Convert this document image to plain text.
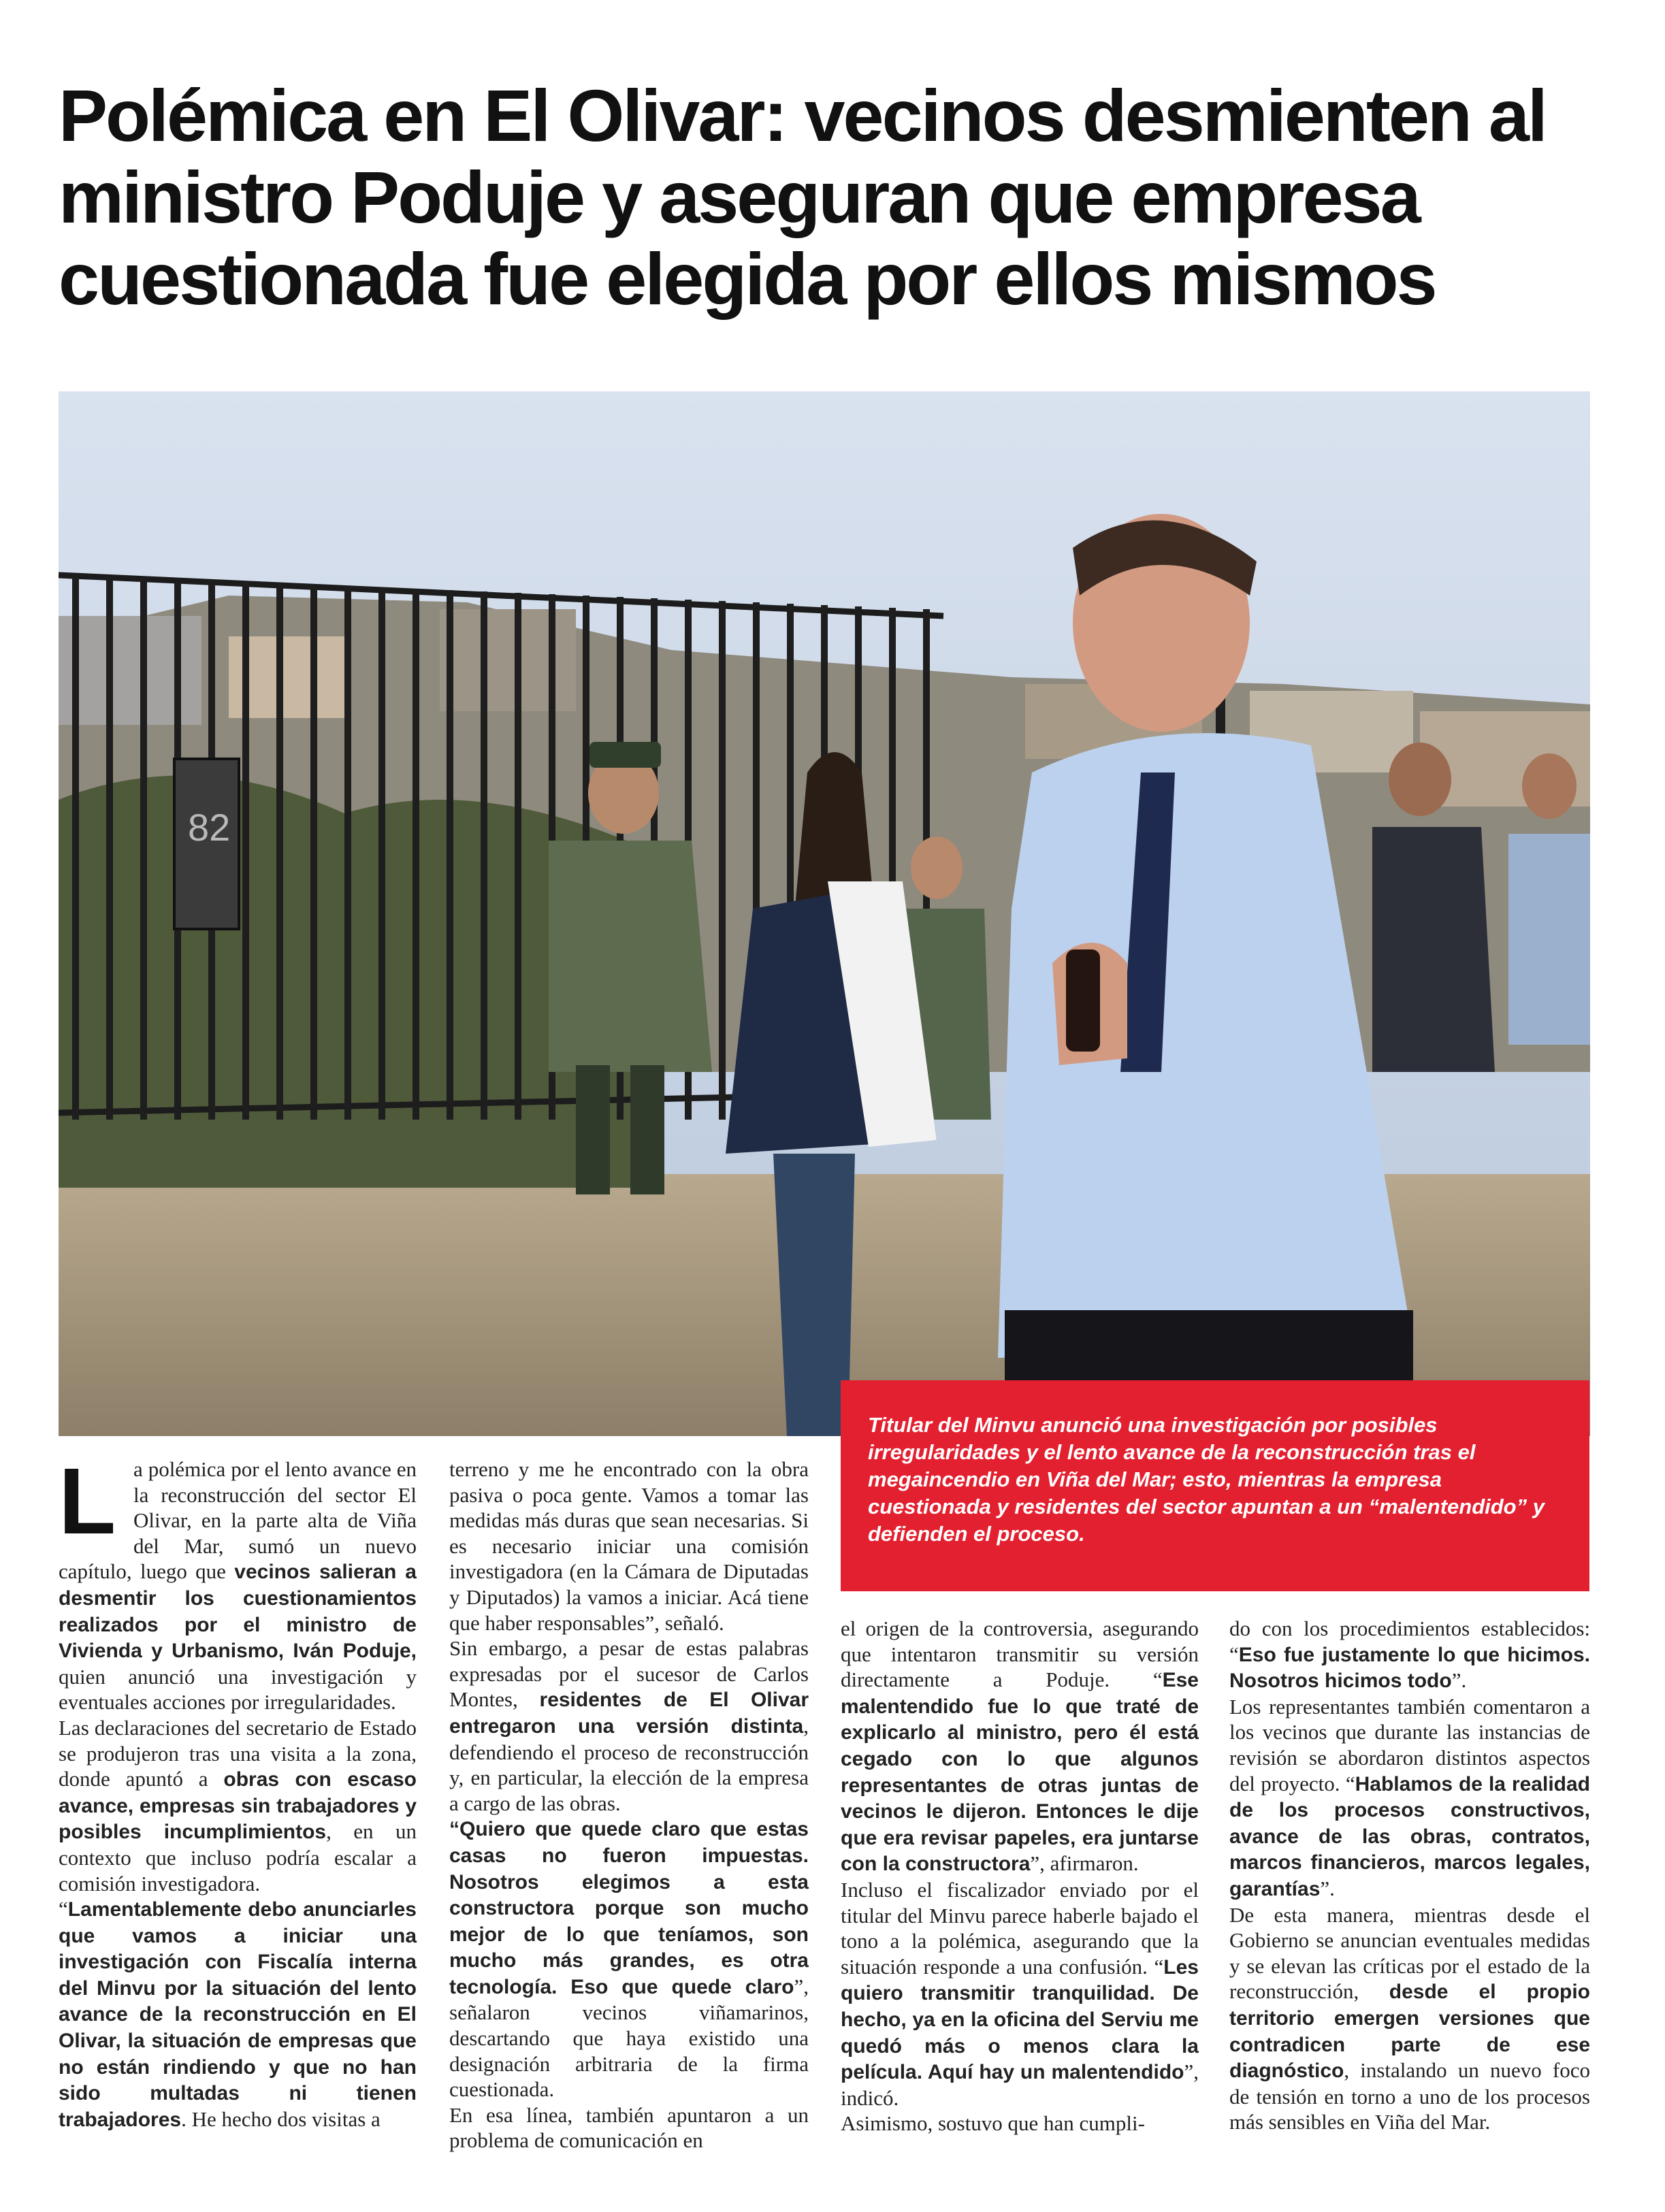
Polémica en El Olivar: vecinos desmienten al ministro Poduje y aseguran que empresa cuestionada fue elegida por ellos mismos
82
Titular del Minvu anunció una investigación por posibles irregularidades y el lento avance de la reconstrucción tras el megaincendio en Viña del Mar; esto, mientras la empresa cuestionada y residentes del sector apuntan a un “malentendido” y defienden el proceso.

La polémica por el lento avance en la reconstrucción del sector El Olivar, en la parte alta de Viña del Mar, sumó un nuevo capítulo, luego que vecinos salieran a desmentir los cuestionamientos realizados por el ministro de Vivienda y Urbanismo, Iván Poduje, quien anunció una investigación y eventuales acciones por irregularidades.

Las declaraciones del secretario de Estado se produjeron tras una visita a la zona, donde apuntó a obras con escaso avance, empresas sin trabajadores y posibles incumplimientos, en un contexto que incluso podría escalar a comisión investigadora.

“Lamentablemente debo anunciarles que vamos a iniciar una investigación con Fiscalía interna del Minvu por la situación del lento avance de la reconstrucción en El Olivar, la situación de empresas que no están rindiendo y que no han sido multadas ni tienen trabajadores. He hecho dos visitas a

terreno y me he encontrado con la obra pasiva o poca gente. Vamos a tomar las medidas más duras que sean necesarias. Si es necesario iniciar una comisión investigadora (en la Cámara de Diputadas y Diputados) la vamos a iniciar. Acá tiene que haber responsables”, señaló.

Sin embargo, a pesar de estas palabras expresadas por el sucesor de Carlos Montes, residentes de El Olivar entregaron una versión distinta, defendiendo el proceso de reconstrucción y, en particular, la elección de la empresa a cargo de las obras.

“Quiero que quede claro que estas casas no fueron impuestas. Nosotros elegimos a esta constructora porque son mucho mejor de lo que teníamos, son mucho más grandes, es otra tecnología. Eso que quede claro”, señalaron vecinos viñamarinos, descartando que haya existido una designación arbitraria de la firma cuestionada.

En esa línea, también apuntaron a un problema de comunicación en

el origen de la controversia, asegurando que intentaron transmitir su versión directamente a Poduje. “Ese malentendido fue lo que traté de explicarlo al ministro, pero él está cegado con lo que algunos representantes de otras juntas de vecinos le dijeron. Entonces le dije que era revisar papeles, era juntarse con la constructora”, afirmaron.

Incluso el fiscalizador enviado por el titular del Minvu parece haberle bajado el tono a la polémica, asegurando que la situación responde a una confusión. “Les quiero transmitir tranquilidad. De hecho, ya en la oficina del Serviu me quedó más o menos clara la película. Aquí hay un malentendido”, indicó.

Asimismo, sostuvo que han cumpli-

do con los procedimientos establecidos: “Eso fue justamente lo que hicimos. Nosotros hicimos todo”.

Los representantes también comentaron a los vecinos que durante las instancias de revisión se abordaron distintos aspectos del proyecto. “Hablamos de la realidad de los procesos constructivos, avance de las obras, contratos, marcos financieros, marcos legales, garantías”.

De esta manera, mientras desde el Gobierno se anuncian eventuales medidas y se elevan las críticas por el estado de la reconstrucción, desde el propio territorio emergen versiones que contradicen parte de ese diagnóstico, instalando un nuevo foco de tensión en torno a uno de los procesos más sensibles en Viña del Mar.
